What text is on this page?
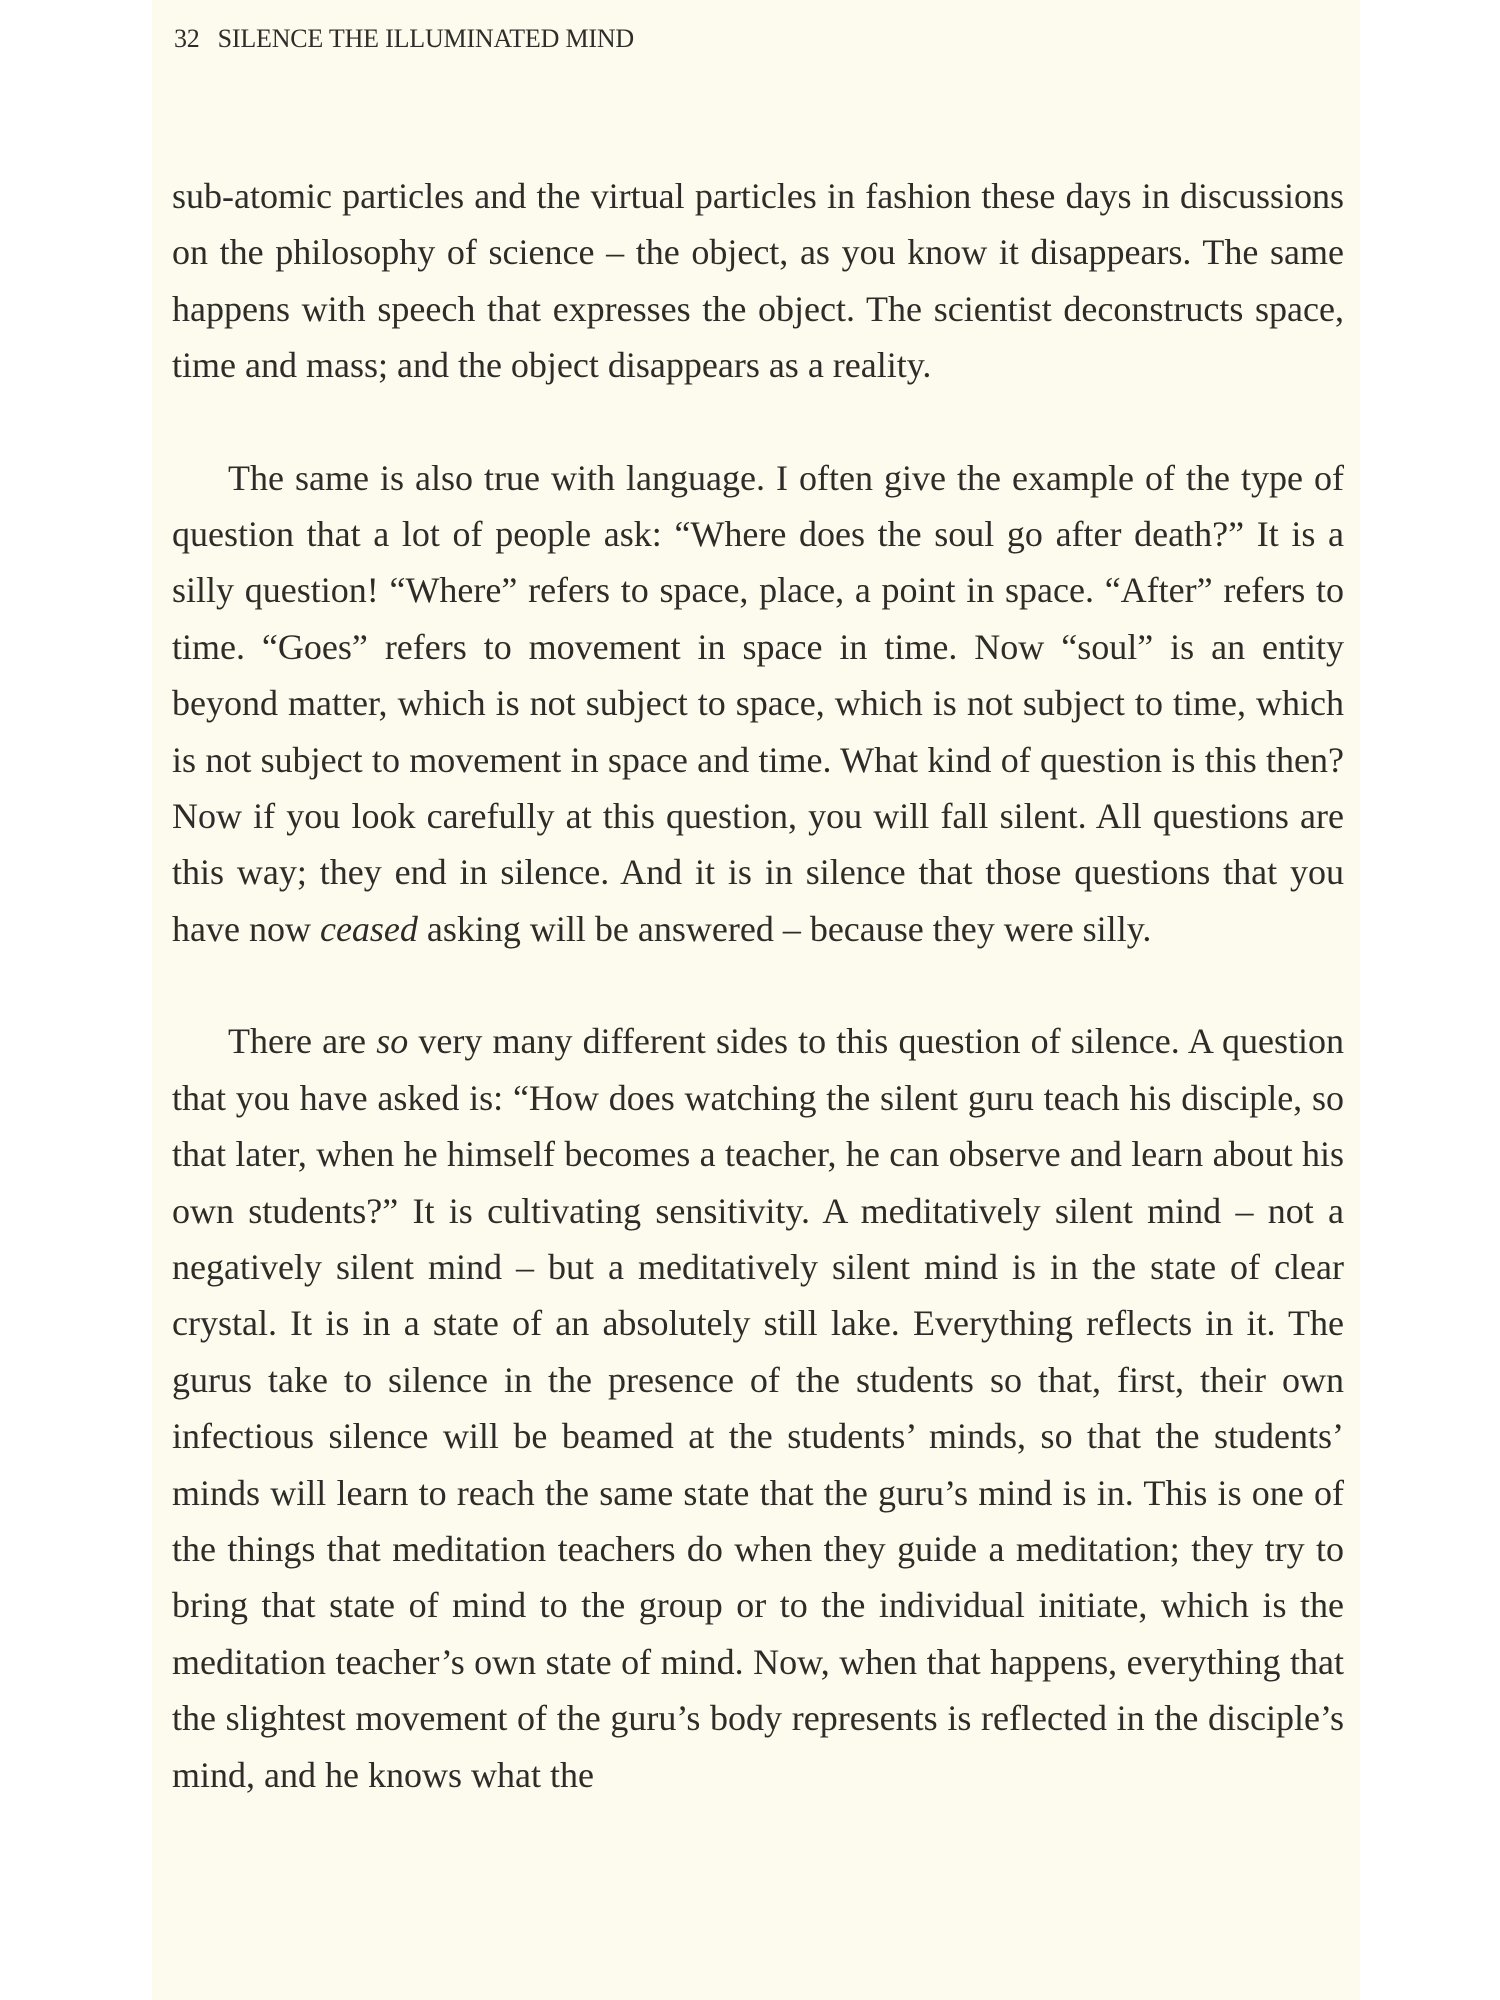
32 SILENCE THE ILLUMINATED MIND

sub-atomic particles and the virtual particles in fashion these days in discussions on the philosophy of science – the object, as you know it disappears. The same happens with speech that expresses the object. The scientist deconstructs space, time and mass; and the object disappears as a reality.

The same is also true with language. I often give the example of the type of question that a lot of people ask: “Where does the soul go after death?” It is a silly question! “Where” refers to space, place, a point in space. “After” refers to time. “Goes” refers to movement in space in time. Now “soul” is an entity beyond matter, which is not subject to space, which is not subject to time, which is not subject to movement in space and time. What kind of question is this then? Now if you look carefully at this question, you will fall silent. All questions are this way; they end in silence. And it is in silence that those questions that you have now ceased asking will be answered – because they were silly.

There are so very many different sides to this question of silence. A question that you have asked is: “How does watching the silent guru teach his disciple, so that later, when he himself becomes a teacher, he can observe and learn about his own students?” It is cultivating sensitivity. A meditatively silent mind – not a negatively silent mind – but a meditatively silent mind is in the state of clear crystal. It is in a state of an absolutely still lake. Everything reflects in it. The gurus take to silence in the presence of the students so that, first, their own infectious silence will be beamed at the students’ minds, so that the students’ minds will learn to reach the same state that the guru’s mind is in. This is one of the things that meditation teachers do when they guide a meditation; they try to bring that state of mind to the group or to the individual initiate, which is the meditation teacher’s own state of mind. Now, when that happens, everything that the slightest movement of the guru’s body represents is reflected in the disciple’s mind, and he knows what the
